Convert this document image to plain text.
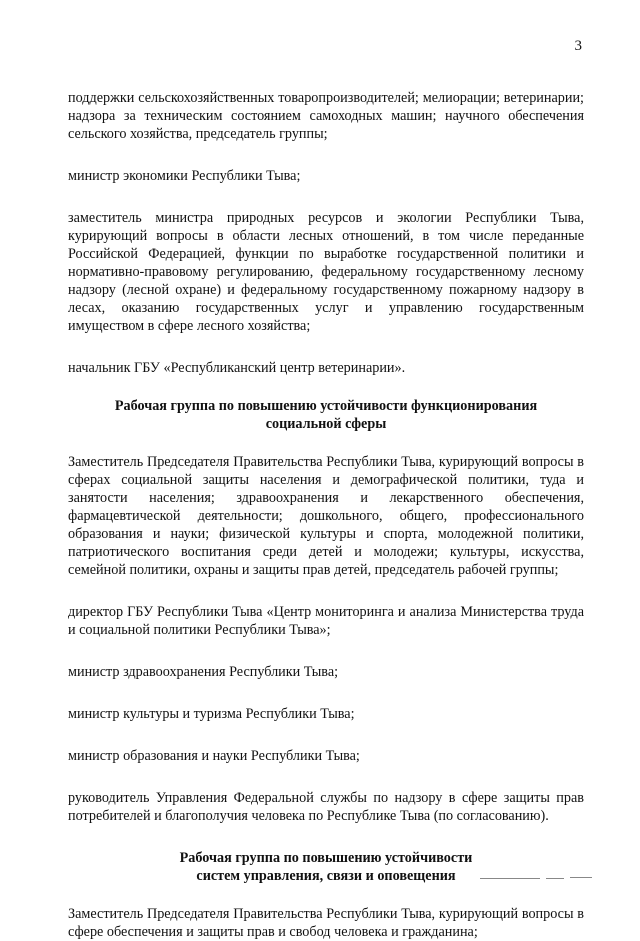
3

поддержки сельскохозяйственных товаропроизводителей; мелиорации; ветеринарии; надзора за техническим состоянием самоходных машин; научного обеспечения сельского хозяйства, председатель группы;

министр экономики Республики Тыва;

заместитель министра природных ресурсов и экологии Республики Тыва, курирующий вопросы в области лесных отношений, в том числе переданные Российской Федерацией, функции по выработке государственной политики и нормативно-правовому регулированию, федеральному государственному лесному надзору (лесной охране) и федеральному государственному пожарному надзору в лесах, оказанию государственных услуг и управлению государственным имуществом в сфере лесного хозяйства;

начальник ГБУ «Республиканский центр ветеринарии».

Рабочая группа по повышению устойчивости функционирования
социальной сферы

Заместитель Председателя Правительства Республики Тыва, курирующий вопросы в сферах социальной защиты населения и демографической политики, туда и занятости населения; здравоохранения и лекарственного обеспечения, фармацевтической деятельности; дошкольного, общего, профессионального образования и науки; физической культуры и спорта, молодежной политики, патриотического воспитания среди детей и молодежи; культуры, искусства, семейной политики, охраны и защиты прав детей, председатель рабочей группы;

директор ГБУ Республики Тыва «Центр мониторинга и анализа Министерства труда и социальной политики Республики Тыва»;

министр здравоохранения Республики Тыва;

министр культуры и туризма Республики Тыва;

министр образования и науки Республики Тыва;

руководитель Управления Федеральной службы по надзору в сфере защиты прав потребителей и благополучия человека по Республике Тыва (по согласованию).

Рабочая группа по повышению устойчивости
систем управления, связи и оповещения

Заместитель Председателя Правительства Республики Тыва, курирующий вопросы в сфере обеспечения и защиты прав и свобод человека и гражданина;
